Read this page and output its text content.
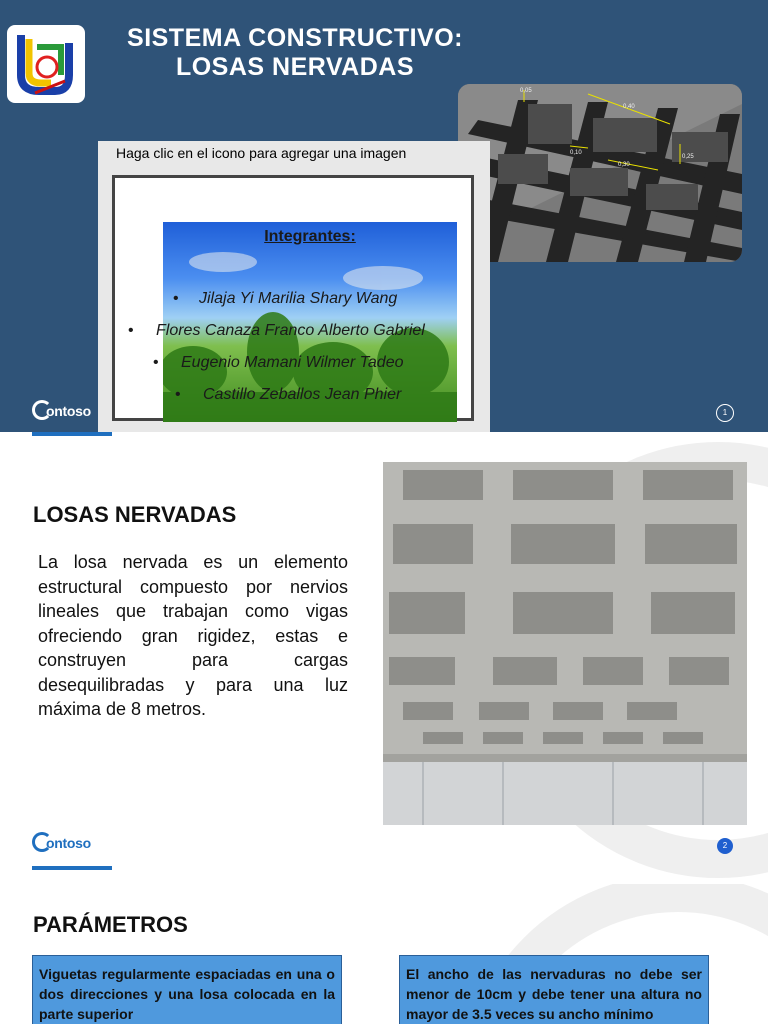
SISTEMA CONSTRUCTIVO: LOSAS NERVADAS
0,05
0,40
0,10
0,30
0,25
Haga clic en el icono para agregar una imagen
Integrantes:
• Jilaja Yi Marilia Shary Wang
• Flores Canaza Franco Alberto Gabriel
• Eugenio Mamani Wilmer Tadeo
• Castillo Zeballos Jean Phier
ontoso	1
LOSAS NERVADAS
La losa nervada es un elemento estructural compuesto por nervios lineales que trabajan como vigas ofreciendo gran rigidez, estas e construyen para cargas desequilibradas y para una luz máxima de 8 metros.
ontoso	2
PARÁMETROS
Viguetas regularmente espaciadas en una o dos direcciones y una losa colocada en la parte superior
El ancho de las nervaduras no debe ser menor de 10cm y debe tener una altura no mayor de 3.5 veces su ancho mínimo
